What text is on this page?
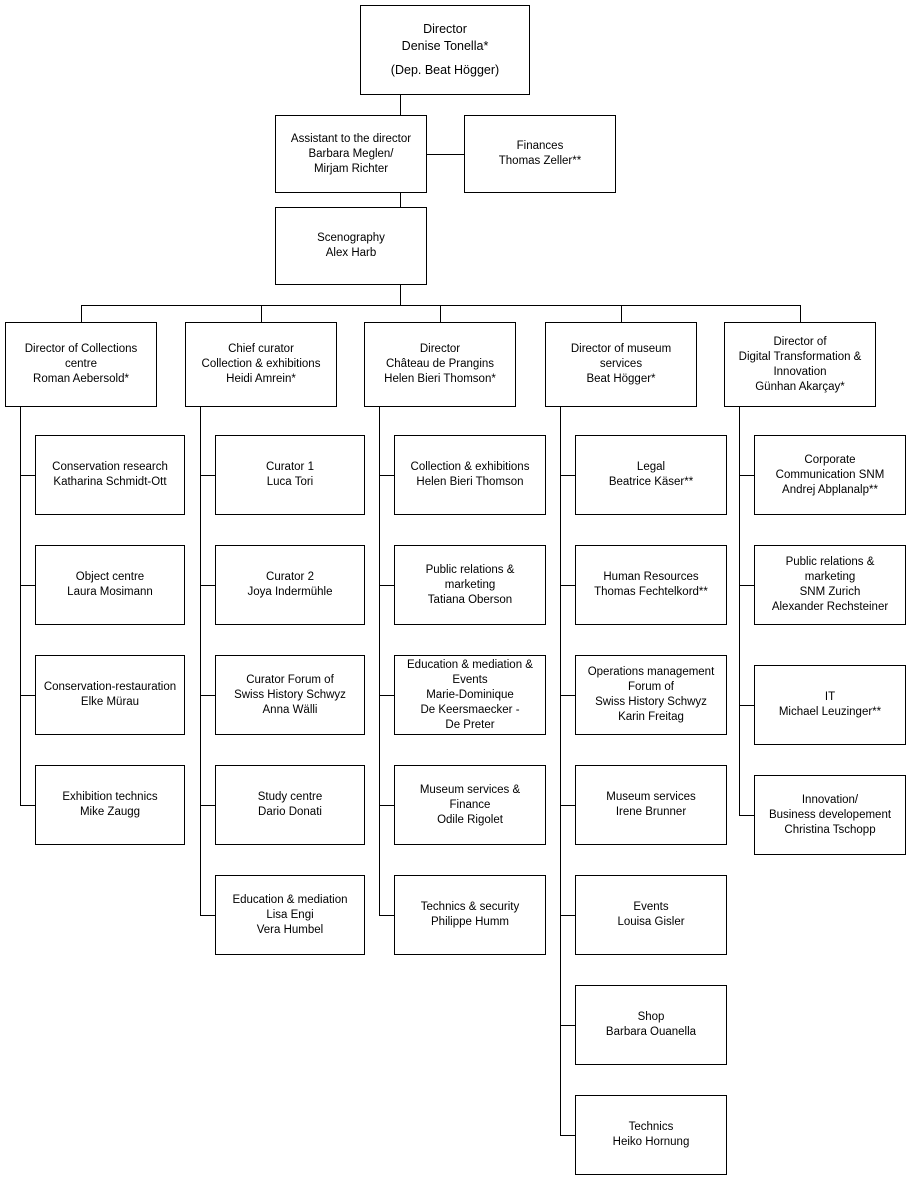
Director
Denise Tonella*

(Dep. Beat Högger)
Assistant to the director
Barbara Meglen/
Mirjam Richter
Finances
Thomas Zeller**
Scenography
Alex Harb
Director of Collections
centre
Roman Aebersold*
Conservation research
Katharina Schmidt-Ott
Object centre
Laura Mosimann
Conservation-restauration
Elke Mürau
Exhibition technics
Mike Zaugg
Chief curator
Collection & exhibitions
Heidi Amrein*
Curator 1
Luca Tori
Curator 2
Joya Indermühle
Curator Forum of
Swiss History Schwyz
Anna Wälli
Study centre
Dario Donati
Education & mediation
Lisa Engi
Vera Humbel
Director
Château de Prangins
Helen Bieri Thomson*
Collection & exhibitions
Helen Bieri Thomson
Public relations &
marketing
Tatiana Oberson
Education & mediation &
Events
Marie-Dominique
De Keersmaecker -
De Preter
Museum services &
Finance
Odile Rigolet
Technics & security
Philippe Humm
Director of museum
services
Beat Högger*
Legal
Beatrice Käser**
Human Resources
Thomas Fechtelkord**
Operations management
Forum of
Swiss History Schwyz
Karin Freitag
Museum services
Irene Brunner
Events
Louisa Gisler
Shop
Barbara Ouanella
Technics
Heiko Hornung
Director of
Digital Transformation &
Innovation
Günhan Akarçay*
Corporate
Communication SNM
Andrej Abplanalp**
Public relations &
marketing
SNM Zurich
Alexander Rechsteiner
IT
Michael Leuzinger**
Innovation/
Business developement
Christina Tschopp
